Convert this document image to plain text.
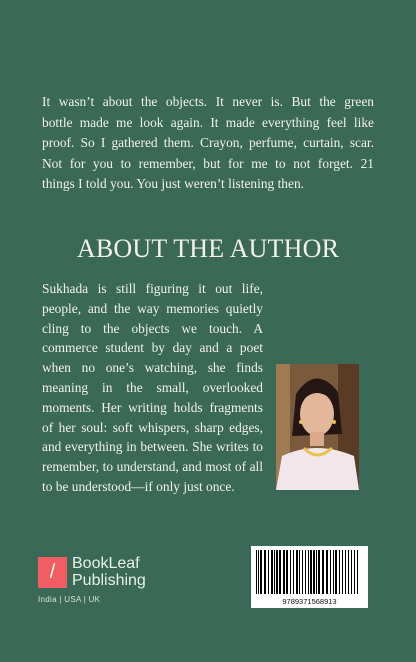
It wasn’t about the objects. It never is. But the green
bottle made me look again. It made everything feel like
proof. So I gathered them. Crayon, perfume, curtain, scar.
Not for you to remember, but for me to not forget. 21
things I told you. You just weren’t listening then.
ABOUT THE AUTHOR
Sukhada is still figuring it out life, people, and the way memories quietly cling to the objects we touch. A commerce student by day and a poet when no one’s watching, she finds meaning in the small, overlooked moments. Her writing holds fragments of her soul: soft whispers, sharp edges, and everything in between. She writes to remember, to understand, and most of all to be understood—if only just once.
/	BookLeaf
Publishing
India | USA | UK	9789371568913
